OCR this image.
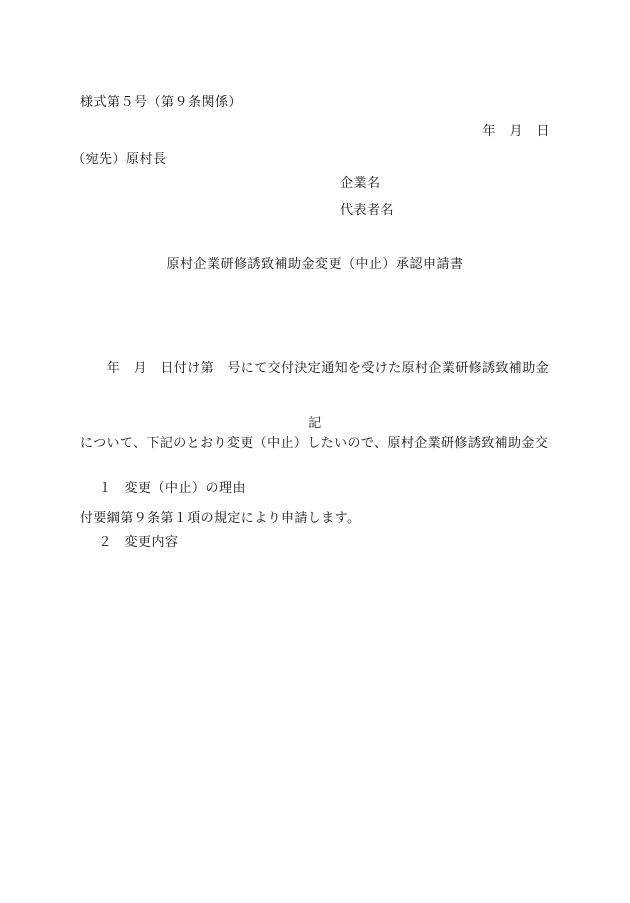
様式第５号（第９条関係）
年　月　日
（宛先）原村長
企業名
代表者名
原村企業研修誘致補助金変更（中止）承認申請書

　　年　月　日付け第　号にて交付決定通知を受けた原村企業研修誘致補助金

について、下記のとおり変更（中止）したいので、原村企業研修誘致補助金交

付要綱第９条第１項の規定により申請します。

記

１ 変更（中止）の理由

２ 変更内容
